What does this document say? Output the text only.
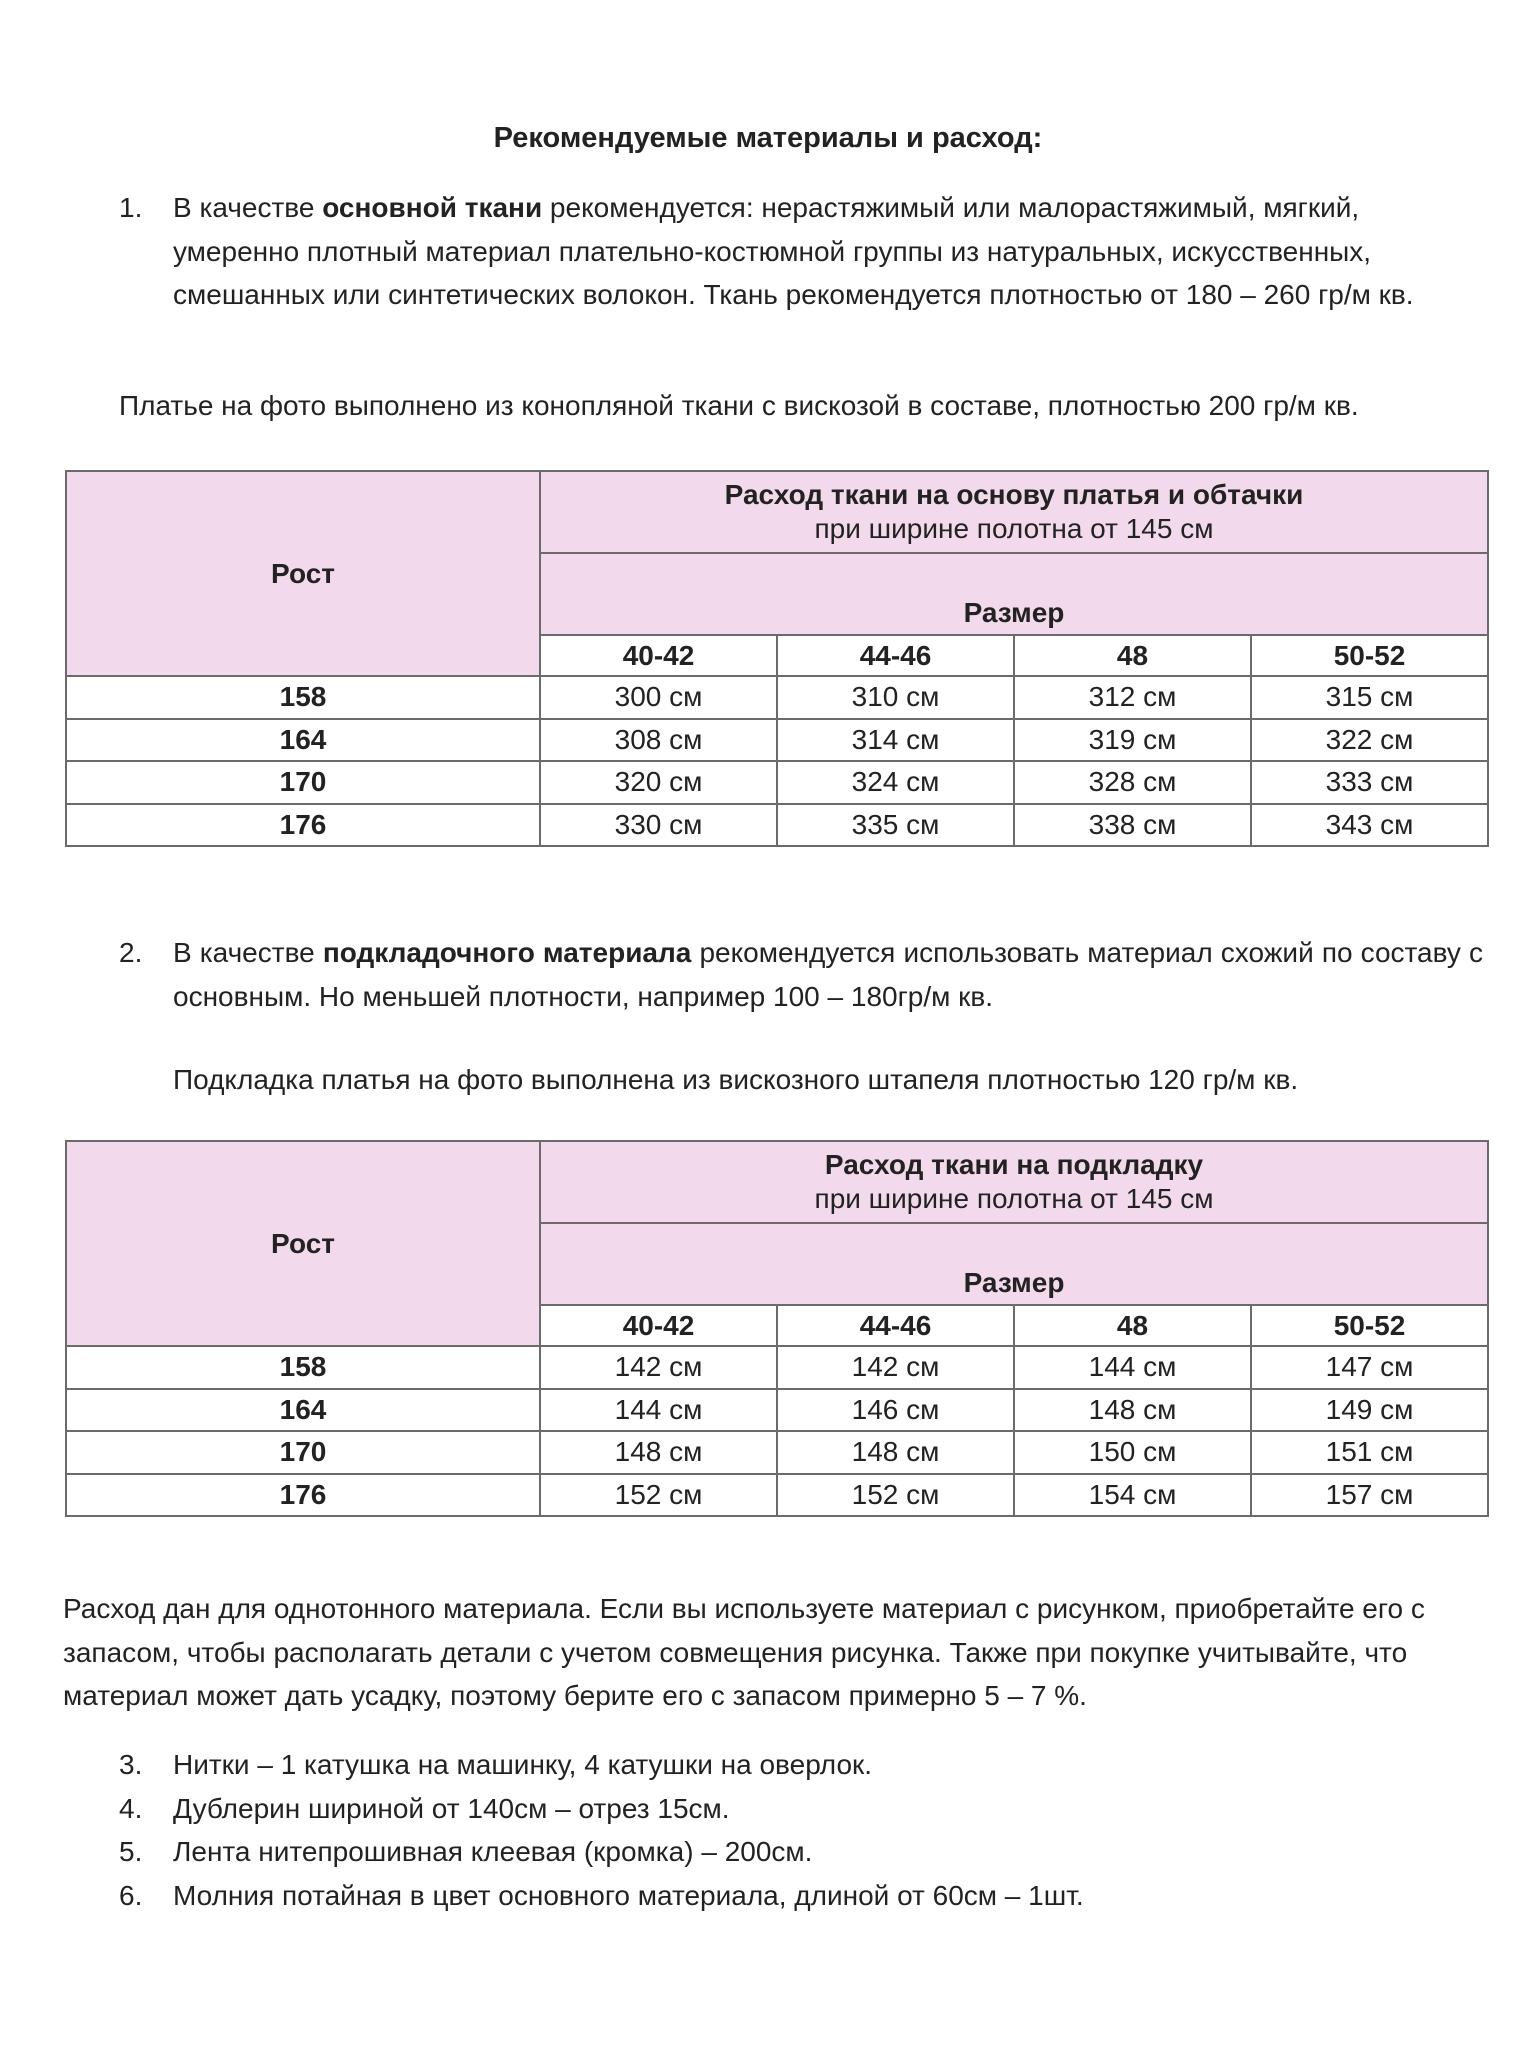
Рекомендуемые материалы и расход:
1. В качестве основной ткани рекомендуется: нерастяжимый или малорастяжимый, мягкий, умеренно плотный материал плательно-костюмной группы из натуральных, искусственных, смешанных или синтетических волокон. Ткань рекомендуется плотностью от 180 – 260 гр/м кв.
Платье на фото выполнено из конопляной ткани с вискозой в составе, плотностью 200 гр/м кв.
Рост	Расход ткани на основу платья и обтачки
при ширине полотна от 145 см			

	Размер			
	40-42	44-46	48	50-52
158	300 см	310 см	312 см	315 см
164	308 см	314 см	319 см	322 см
170	320 см	324 см	328 см	333 см
176	330 см	335 см	338 см	343 см
2. В качестве подкладочного материала рекомендуется использовать материал схожий по составу с основным. Но меньшей плотности, например 100 – 180гр/м кв.
Подкладка платья на фото выполнена из вискозного штапеля плотностью 120 гр/м кв.
Рост	Расход ткани на подкладку
при ширине полотна от 145 см			

	Размер			
	40-42	44-46	48	50-52
158	142 см	142 см	144 см	147 см
164	144 см	146 см	148 см	149 см
170	148 см	148 см	150 см	151 см
176	152 см	152 см	154 см	157 см
Расход дан для однотонного материала. Если вы используете материал с рисунком, приобретайте его с запасом, чтобы располагать детали с учетом совмещения рисунка. Также при покупке учитывайте, что материал может дать усадку, поэтому берите его с запасом примерно 5 – 7 %.
3. Нитки – 1 катушка на машинку, 4 катушки на оверлок.
4. Дублерин шириной от 140см – отрез 15см.
5. Лента нитепрошивная клеевая (кромка) – 200см.
6. Молния потайная в цвет основного материала, длиной от 60см – 1шт.
